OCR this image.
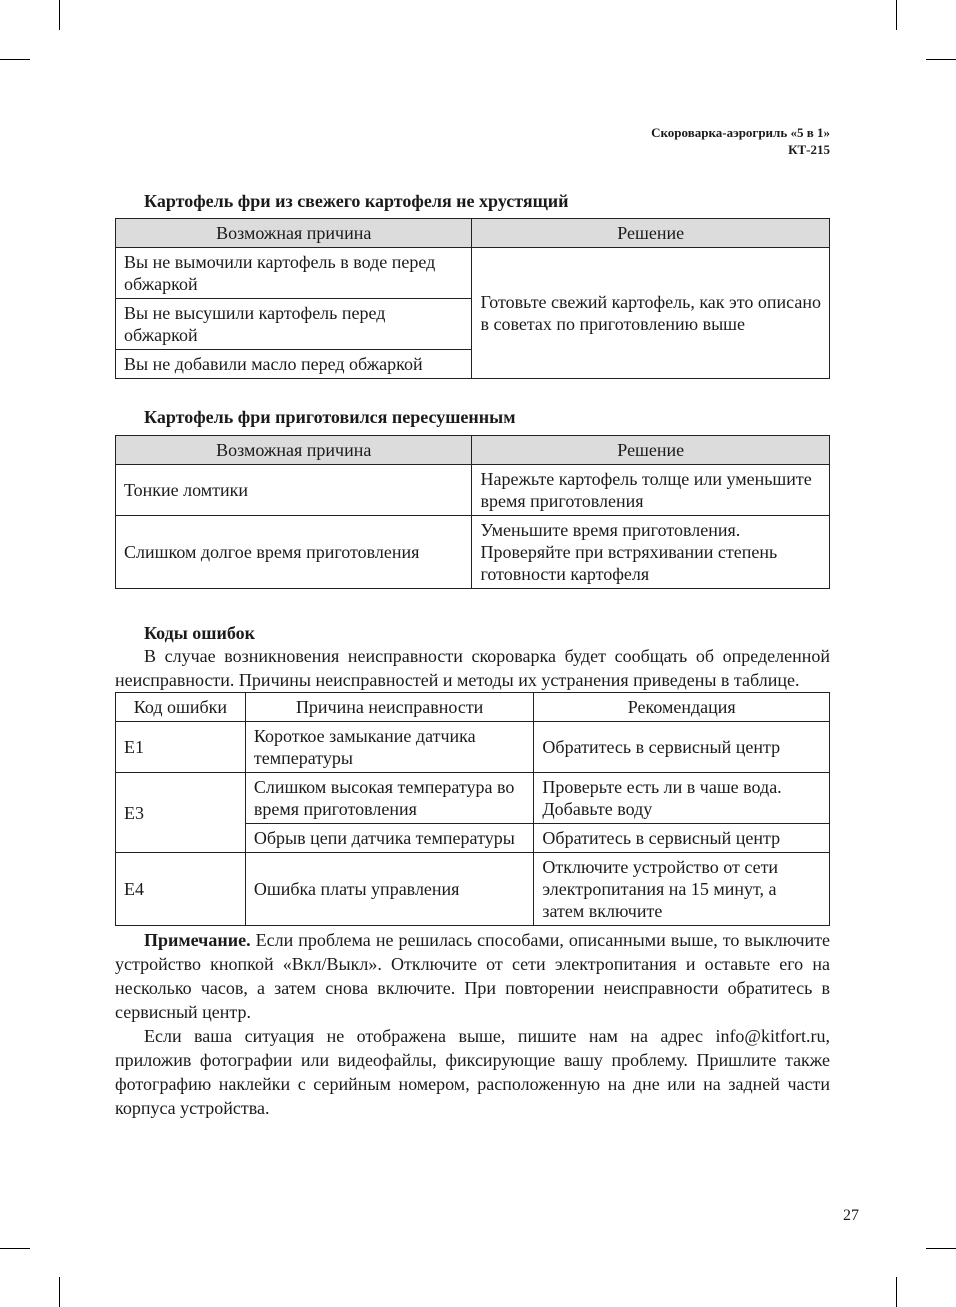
Скороварка-аэрогриль «5 в 1»
КТ-215
Картофель фри из свежего картофеля не хрустящий
Возможная причина	Решение
Вы не вымочили картофель в воде перед обжаркой	Готовьте свежий картофель, как это описано в советах по приготовлению выше
Вы не высушили картофель перед обжаркой	
Вы не добавили масло перед обжаркой	
Картофель фри приготовился пересушенным
Возможная причина	Решение
Тонкие ломтики	Нарежьте картофель толще или уменьшите время приготовления
Слишком долгое время приготовления	Уменьшите время приготовления. Проверяйте при встряхивании степень готовности картофеля
Коды ошибок

В случае возникновения неисправности скороварка будет сообщать об определенной неисправности. Причины неисправностей и методы их устранения приведены в таблице.

Код ошибки	Причина неисправности	Рекомендация
E1	Короткое замыкание датчика температуры	Обратитесь в сервисный центр
E3	Слишком высокая температура во время приготовления	Проверьте есть ли в чаше вода. Добавьте воду
	Обрыв цепи датчика температуры	Обратитесь в сервисный центр
E4	Ошибка платы управления	Отключите устройство от сети электропитания на 15 минут, а затем включите

Примечание. Если проблема не решилась способами, описанными выше, то выключите устройство кнопкой «Вкл/Выкл». Отключите от сети электропитания и оставьте его на несколько часов, а затем снова включите. При повторении неисправности обратитесь в сервисный центр.

Если ваша ситуация не отображена выше, пишите нам на адрес info@kitfort.ru, приложив фотографии или видеофайлы, фиксирующие вашу проблему. Пришлите также фотографию наклейки с серийным номером, расположенную на дне или на задней части корпуса устройства.

27
